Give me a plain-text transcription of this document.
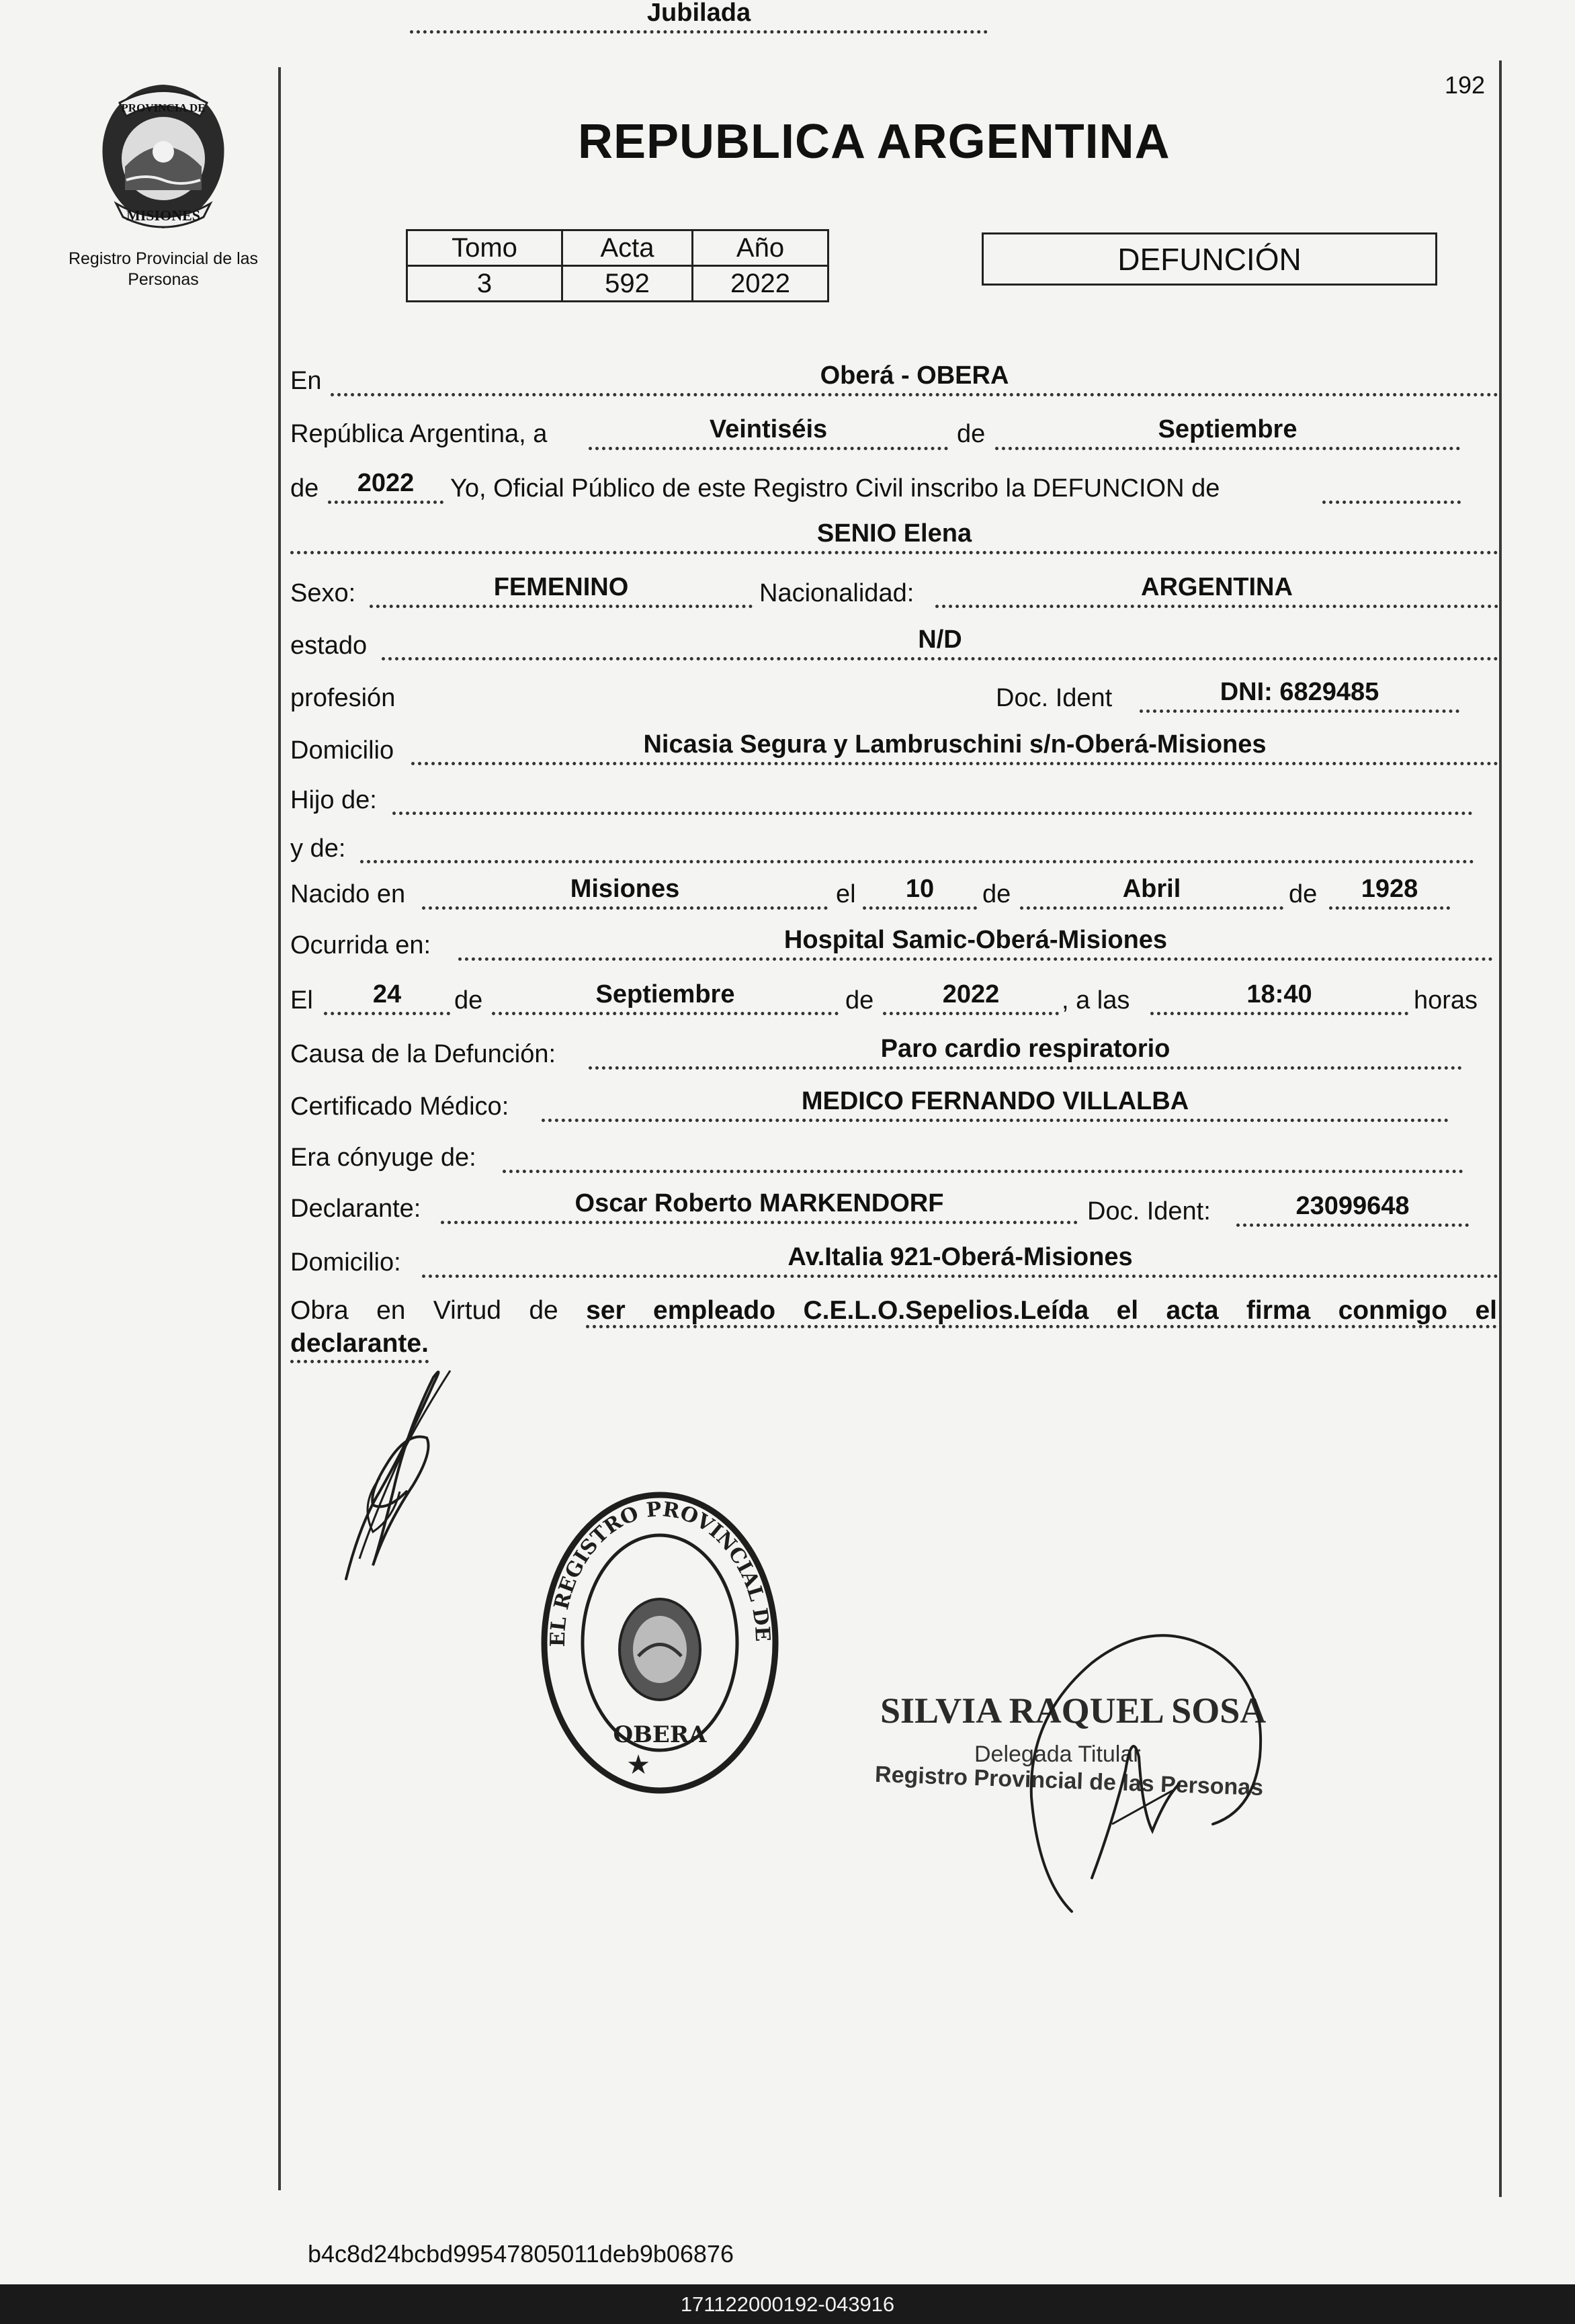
192
PROVINCIA DE
MISIONES
Registro Provincial de las Personas
REPUBLICA ARGENTINA
Tomo	Acta	Año
3	592	2022
DEFUNCIÓN
En	Oberá - OBERA
República Argentina, a	Veintiséis	de	Septiembre
de	2022	Yo, Oficial Público de este Registro Civil inscribo la DEFUNCION de
SENIO Elena
Sexo:	FEMENINO	Nacionalidad:	ARGENTINA
estado	N/D
profesión
Jubilada
Doc. Ident	DNI: 6829485
Domicilio	Nicasia Segura y Lambruschini s/n-Oberá-Misiones
Hijo de:
y de:
Nacido en	Misiones	el	10	de	Abril	de	1928
Ocurrida en:	Hospital Samic-Oberá-Misiones
El	24	de	Septiembre	de	2022	, a las	18:40	horas
Causa de la Defunción:	Paro cardio respiratorio
Certificado Médico:	MEDICO FERNANDO VILLALBA
Era cónyuge de:
Declarante:	Oscar Roberto MARKENDORF	Doc. Ident:	23099648
Domicilio:	Av.Italia 921-Oberá-Misiones
Obra en Virtud de ser empleado C.E.L.O.Sepelios.Leída el acta firma conmigo el
declarante.
EL REGISTRO PROVINCIAL DE
OBERA
★
SILVIA RAQUEL SOSA
Delegada Titular
Registro Provincial de las Personas
b4c8d24bcbd99547805011deb9b06876
171122000192-043916
